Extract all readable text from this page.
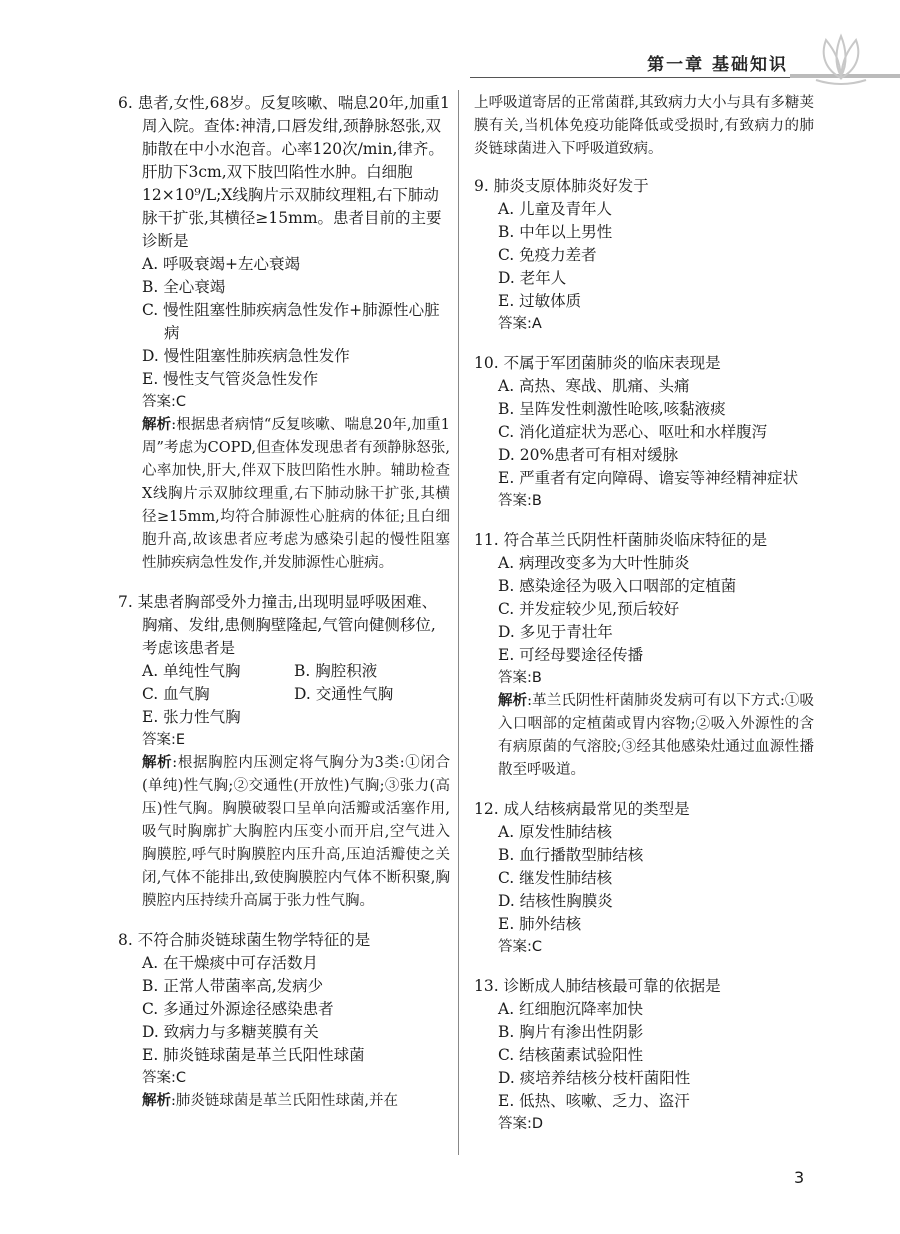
第一章 基础知识
6. 患者,女性,68岁。反复咳嗽、喘息20年,加重1周入院。查体:神清,口唇发绀,颈静脉怒张,双肺散在中小水泡音。心率120次/min,律齐。肝肋下3cm,双下肢凹陷性水肿。白细胞12×10⁹/L;X线胸片示双肺纹理粗,右下肺动脉干扩张,其横径≥15mm。患者目前的主要诊断是
A. 呼吸衰竭+左心衰竭
B. 全心衰竭
C. 慢性阻塞性肺疾病急性发作+肺源性心脏病
D. 慢性阻塞性肺疾病急性发作
E. 慢性支气管炎急性发作
答案:C
解析:根据患者病情“反复咳嗽、喘息20年,加重1周”考虑为COPD,但查体发现患者有颈静脉怒张,心率加快,肝大,伴双下肢凹陷性水肿。辅助检查X线胸片示双肺纹理重,右下肺动脉干扩张,其横径≥15mm,均符合肺源性心脏病的体征;且白细胞升高,故该患者应考虑为感染引起的慢性阻塞性肺疾病急性发作,并发肺源性心脏病。
7. 某患者胸部受外力撞击,出现明显呼吸困难、胸痛、发绀,患侧胸壁隆起,气管向健侧移位,考虑该患者是
A. 单纯性气胸	B. 胸腔积液
C. 血气胸	D. 交通性气胸
E. 张力性气胸
答案:E
解析:根据胸腔内压测定将气胸分为3类:①闭合(单纯)性气胸;②交通性(开放性)气胸;③张力(高压)性气胸。胸膜破裂口呈单向活瓣或活塞作用,吸气时胸廓扩大胸腔内压变小而开启,空气进入胸膜腔,呼气时胸膜腔内压升高,压迫活瓣使之关闭,气体不能排出,致使胸膜腔内气体不断积聚,胸膜腔内压持续升高属于张力性气胸。
8. 不符合肺炎链球菌生物学特征的是
A. 在干燥痰中可存活数月
B. 正常人带菌率高,发病少
C. 多通过外源途径感染患者
D. 致病力与多糖荚膜有关
E. 肺炎链球菌是革兰氏阳性球菌
答案:C
解析:肺炎链球菌是革兰氏阳性球菌,并在
上呼吸道寄居的正常菌群,其致病力大小与具有多糖荚膜有关,当机体免疫功能降低或受损时,有致病力的肺炎链球菌进入下呼吸道致病。
9. 肺炎支原体肺炎好发于
A. 儿童及青年人
B. 中年以上男性
C. 免疫力差者
D. 老年人
E. 过敏体质
答案:A
10. 不属于军团菌肺炎的临床表现是
A. 高热、寒战、肌痛、头痛
B. 呈阵发性刺激性呛咳,咳黏液痰
C. 消化道症状为恶心、呕吐和水样腹泻
D. 20%患者可有相对缓脉
E. 严重者有定向障碍、谵妄等神经精神症状
答案:B
11. 符合革兰氏阴性杆菌肺炎临床特征的是
A. 病理改变多为大叶性肺炎
B. 感染途径为吸入口咽部的定植菌
C. 并发症较少见,预后较好
D. 多见于青壮年
E. 可经母婴途径传播
答案:B
解析:革兰氏阴性杆菌肺炎发病可有以下方式:①吸入口咽部的定植菌或胃内容物;②吸入外源性的含有病原菌的气溶胶;③经其他感染灶通过血源性播散至呼吸道。
12. 成人结核病最常见的类型是
A. 原发性肺结核
B. 血行播散型肺结核
C. 继发性肺结核
D. 结核性胸膜炎
E. 肺外结核
答案:C
13. 诊断成人肺结核最可靠的依据是
A. 红细胞沉降率加快
B. 胸片有渗出性阴影
C. 结核菌素试验阳性
D. 痰培养结核分枝杆菌阳性
E. 低热、咳嗽、乏力、盗汗
答案:D
3
